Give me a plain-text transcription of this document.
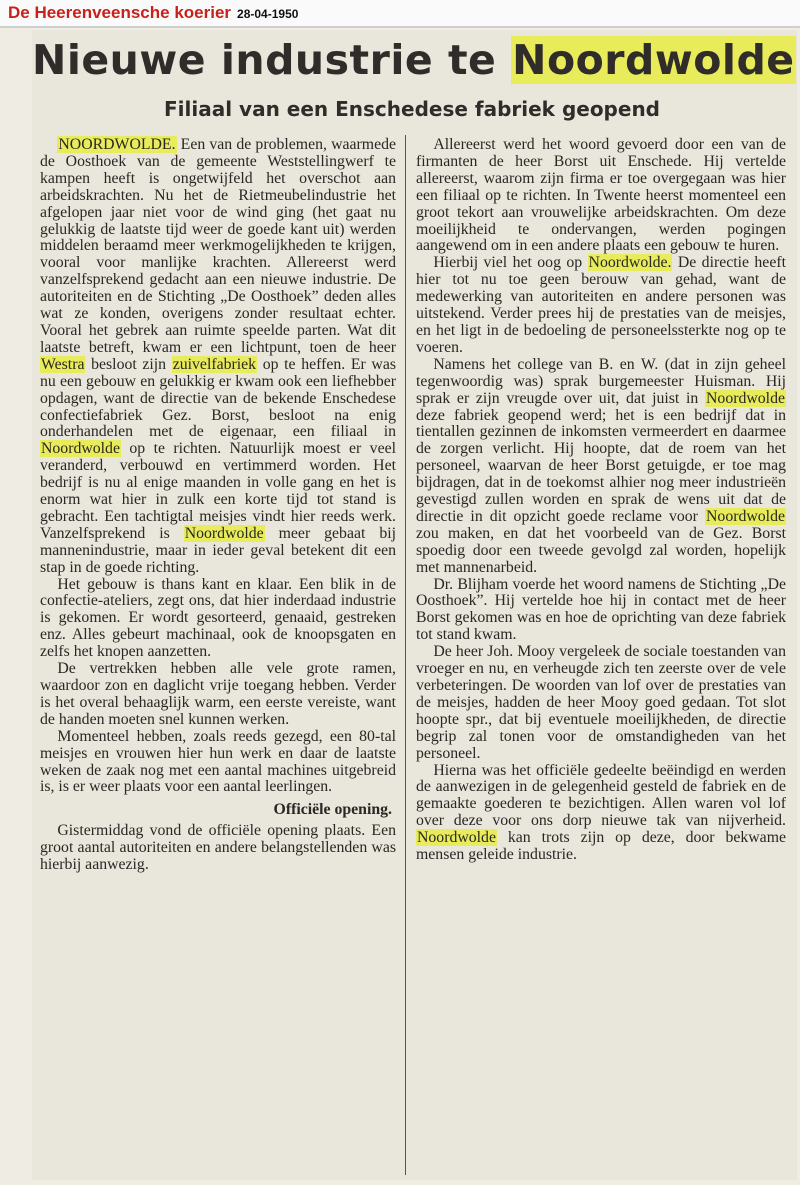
De Heerenveensche koerier 28-04-1950
Nieuwe industrie te Noordwolde
Filiaal van een Enschedese fabriek geopend

NOORDWOLDE. Een van de problemen, waarmede de Oosthoek van de gemeente Weststellingwerf te kampen heeft is ongetwijfeld het overschot aan arbeidskrachten. Nu het de Rietmeubelindustrie het afgelopen jaar niet voor de wind ging (het gaat nu gelukkig de laatste tijd weer de goede kant uit) werden middelen beraamd meer werkmogelijkheden te krijgen, vooral voor manlijke krachten. Allereerst werd vanzelfsprekend gedacht aan een nieuwe industrie. De autoriteiten en de Stichting „De Oosthoek” deden alles wat ze konden, overigens zonder resultaat echter. Vooral het gebrek aan ruimte speelde parten. Wat dit laatste betreft, kwam er een lichtpunt, toen de heer Westra besloot zijn zuivelfabriek op te heffen. Er was nu een gebouw en gelukkig er kwam ook een liefhebber opdagen, want de directie van de bekende Enschedese confectiefabriek Gez. Borst, besloot na enig onderhandelen met de eigenaar, een filiaal in Noordwolde op te richten. Natuurlijk moest er veel veranderd, verbouwd en vertimmerd worden. Het bedrijf is nu al enige maanden in volle gang en het is enorm wat hier in zulk een korte tijd tot stand is gebracht. Een tachtigtal meisjes vindt hier reeds werk. Vanzelfsprekend is Noordwolde meer gebaat bij mannenindustrie, maar in ieder geval betekent dit een stap in de goede richting.

Het gebouw is thans kant en klaar. Een blik in de confectie-ateliers, zegt ons, dat hier inderdaad industrie is gekomen. Er wordt gesorteerd, genaaid, gestreken enz. Alles gebeurt machinaal, ook de knoopsgaten en zelfs het knopen aanzetten.

De vertrekken hebben alle vele grote ramen, waardoor zon en daglicht vrije toegang hebben. Verder is het overal behaaglijk warm, een eerste vereiste, want de handen moeten snel kunnen werken.

Momenteel hebben, zoals reeds gezegd, een 80-tal meisjes en vrouwen hier hun werk en daar de laatste weken de zaak nog met een aantal machines uitgebreid is, is er weer plaats voor een aantal leerlingen.

Officiële opening.

Gistermiddag vond de officiële opening plaats. Een groot aantal autoriteiten en andere belangstellenden was hierbij aanwezig.

Allereerst werd het woord gevoerd door een van de firmanten de heer Borst uit Enschede. Hij vertelde allereerst, waarom zijn firma er toe overgegaan was hier een filiaal op te richten. In Twente heerst momenteel een groot tekort aan vrouwelijke arbeidskrachten. Om deze moeilijkheid te ondervangen, werden pogingen aangewend om in een andere plaats een gebouw te huren.

Hierbij viel het oog op Noordwolde. De directie heeft hier tot nu toe geen berouw van gehad, want de medewerking van autoriteiten en andere personen was uitstekend. Verder prees hij de prestaties van de meisjes, en het ligt in de bedoeling de personeelssterkte nog op te voeren.

Namens het college van B. en W. (dat in zijn geheel tegenwoordig was) sprak burgemeester Huisman. Hij sprak er zijn vreugde over uit, dat juist in Noordwolde deze fabriek geopend werd; het is een bedrijf dat in tientallen gezinnen de inkomsten vermeerdert en daarmee de zorgen verlicht. Hij hoopte, dat de roem van het personeel, waarvan de heer Borst getuigde, er toe mag bijdragen, dat in de toekomst alhier nog meer industrieën gevestigd zullen worden en sprak de wens uit dat de directie in dit opzicht goede reclame voor Noordwolde zou maken, en dat het voorbeeld van de Gez. Borst spoedig door een tweede gevolgd zal worden, hopelijk met mannenarbeid.

Dr. Blijham voerde het woord namens de Stichting „De Oosthoek”. Hij vertelde hoe hij in contact met de heer Borst gekomen was en hoe de oprichting van deze fabriek tot stand kwam.

De heer Joh. Mooy vergeleek de sociale toestanden van vroeger en nu, en verheugde zich ten zeerste over de vele verbeteringen. De woorden van lof over de prestaties van de meisjes, hadden de heer Mooy goed gedaan. Tot slot hoopte spr., dat bij eventuele moeilijkheden, de directie begrip zal tonen voor de omstandigheden van het personeel.

Hierna was het officiële gedeelte beëindigd en werden de aanwezigen in de gelegenheid gesteld de fabriek en de gemaakte goederen te bezichtigen. Allen waren vol lof over deze voor ons dorp nieuwe tak van nijverheid. Noordwolde kan trots zijn op deze, door bekwame mensen geleide industrie.
